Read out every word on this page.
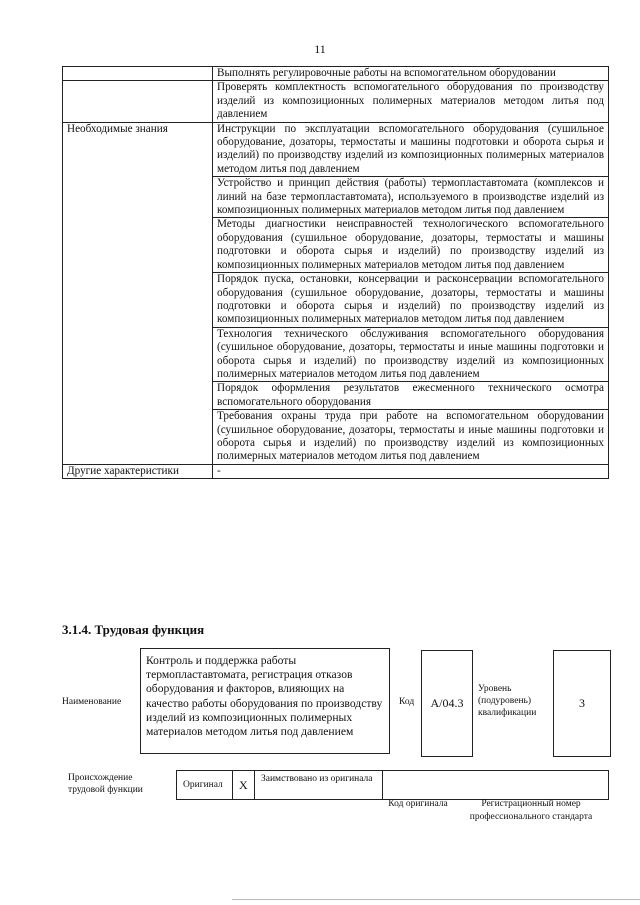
11
	Выполнять регулировочные работы на вспомогательном оборудовании
	Проверять комплектность вспомогательного оборудования по производству изделий из композиционных полимерных материалов методом литья под давлением
Необходимые знания	Инструкции по эксплуатации вспомогательного оборудования (сушильное оборудование, дозаторы, термостаты и машины подготовки и оборота сырья и изделий) по производству изделий из композиционных полимерных материалов методом литья под давлением
	Устройство и принцип действия (работы) термопластавтомата (комплексов и линий на базе термопластавтомата), используемого в производстве изделий из композиционных полимерных материалов методом литья под давлением
	Методы диагностики неисправностей технологического вспомогательного оборудования (сушильное оборудование, дозаторы, термостаты и машины подготовки и оборота сырья и изделий) по производству изделий из композиционных полимерных материалов методом литья под давлением
	Порядок пуска, остановки, консервации и расконсервации вспомогательного оборудования (сушильное оборудование, дозаторы, термостаты и машины подготовки и оборота сырья и изделий) по производству изделий из композиционных полимерных материалов методом литья под давлением
	Технология технического обслуживания вспомогательного оборудования (сушильное оборудование, дозаторы, термостаты и иные машины подготовки и оборота сырья и изделий) по производству изделий из композиционных полимерных материалов методом литья под давлением
	Порядок оформления результатов ежесменного технического осмотра вспомогательного оборудования
	Требования охраны труда при работе на вспомогательном оборудовании (сушильное оборудование, дозаторы, термостаты и иные машины подготовки и оборота сырья и изделий) по производству изделий из композиционных полимерных материалов методом литья под давлением
Другие характеристики	-
3.1.4. Трудовая функция
Наименование
Контроль и поддержка работы термопластавтомата, регистрация отказов оборудования и факторов, влияющих на качество работы оборудования по производству изделий из композиционных полимерных материалов методом литья под давлением
Код	A/04.3
Уровень (подуровень) квалификации
3
Происхождение трудовой функции	Оригинал X Заимствовано из оригинала
Код оригинала	Регистрационный номер профессионального стандарта
